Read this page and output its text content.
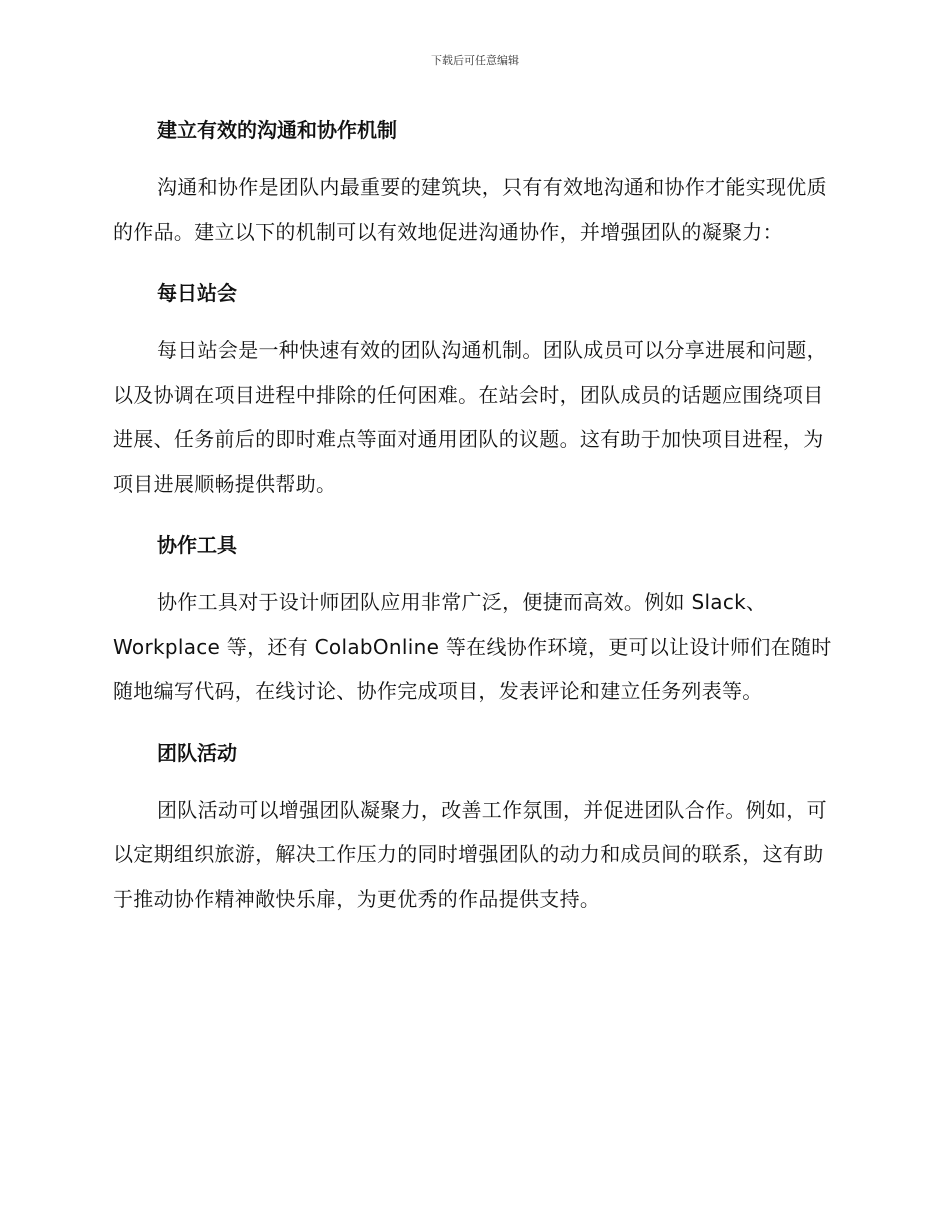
下载后可任意编辑
建立有效的沟通和协作机制

沟通和协作是团队内最重要的建筑块，只有有效地沟通和协作才能实现优质的作品。建立以下的机制可以有效地促进沟通协作，并增强团队的凝聚力：

每日站会

每日站会是一种快速有效的团队沟通机制。团队成员可以分享进展和问题，以及协调在项目进程中排除的任何困难。在站会时，团队成员的话题应围绕项目进展、任务前后的即时难点等面对通用团队的议题。这有助于加快项目进程，为项目进展顺畅提供帮助。

协作工具

协作工具对于设计师团队应用非常广泛，便捷而高效。例如 Slack、Workplace 等，还有 ColabOnline 等在线协作环境，更可以让设计师们在随时随地编写代码，在线讨论、协作完成项目，发表评论和建立任务列表等。

团队活动

团队活动可以增强团队凝聚力，改善工作氛围，并促进团队合作。例如，可以定期组织旅游，解决工作压力的同时增强团队的动力和成员间的联系，这有助于推动协作精神敞快乐扉，为更优秀的作品提供支持。
